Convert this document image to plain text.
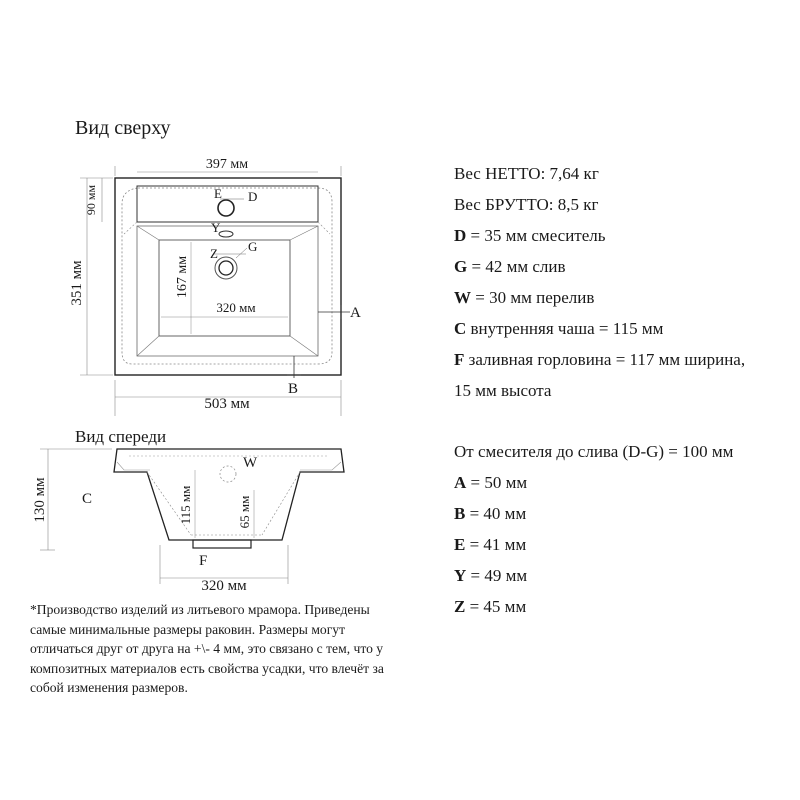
Вид сверху
397 мм
503 мм
351 мм
90 мм
167 мм
320 мм
E D
Y
Z G
A
B
Вид спереди
W
F
130 мм C	115 мм	65 мм
320 мм
Вес НЕТТО: 7,64 кг
Вес БРУТТО: 8,5 кг
D = 35 мм смеситель
G = 42 мм слив
W = 30 мм перелив
C внутренняя чаша = 115 мм
F заливная горловина = 117 мм ширина,
15 мм высота
От смесителя до слива (D-G) = 100 мм
A = 50 мм
B = 40 мм
E = 41 мм
Y = 49 мм
Z = 45 мм
*Производство изделий из литьевого мрамора. Приведены
самые минимальные размеры раковин. Размеры могут
отличаться друг от друга на +\- 4 мм, это связано с тем, что у
композитных материалов есть свойства усадки, что влечёт за
собой изменения размеров.
